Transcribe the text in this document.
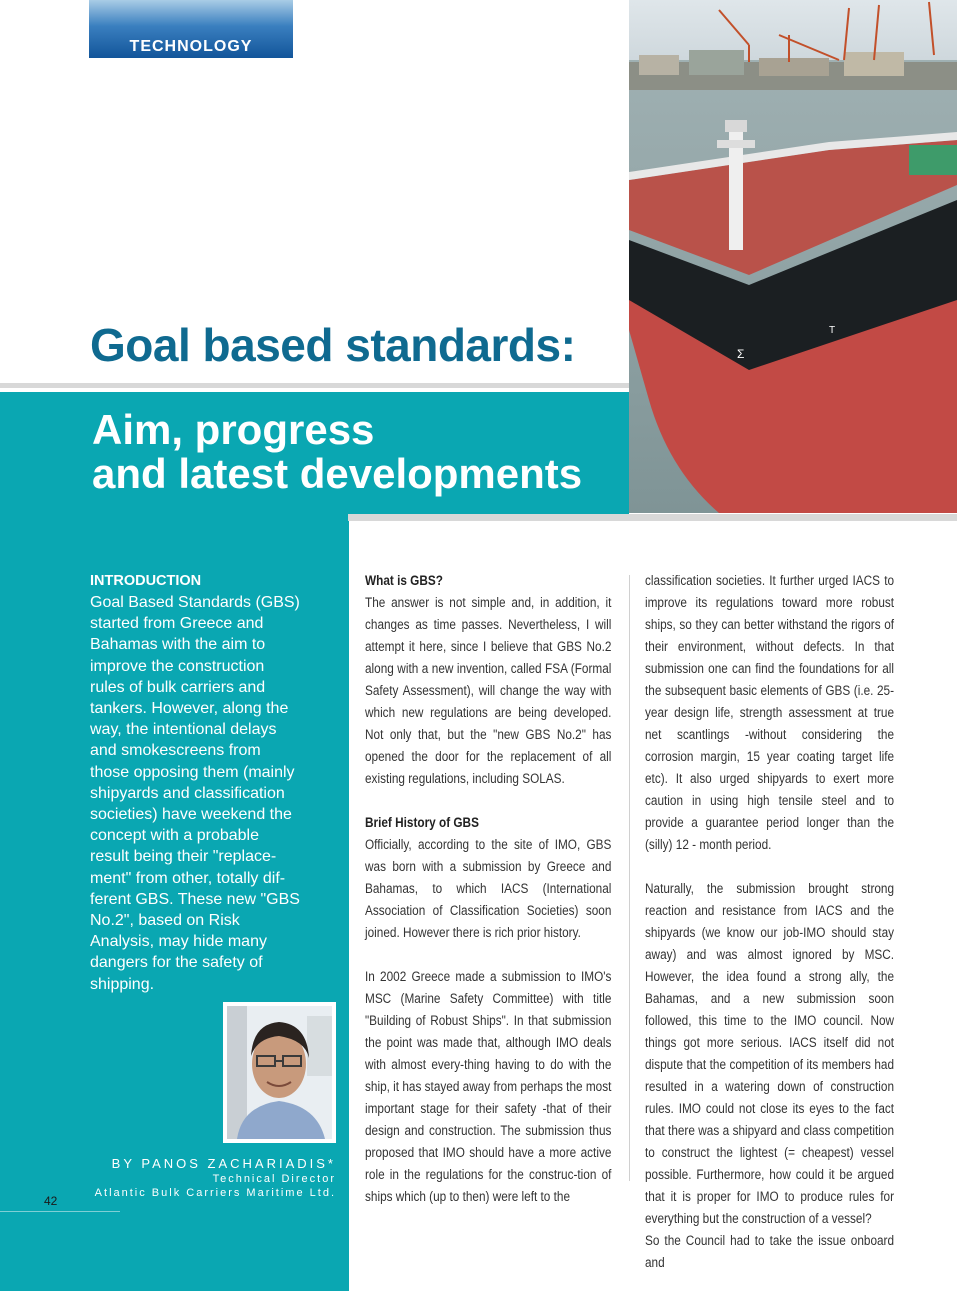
TECHNOLOGY
T
Σ
Goal based standards:
Aim, progress
and latest developments
INTRODUCTION

Goal Based Standards (GBS)
started from Greece and
Bahamas with the aim to
improve the construction
rules of bulk carriers and
tankers. However, along the
way, the intentional delays
and smokescreens from
those opposing them (mainly
shipyards and classification
societies) have weekend the
concept with a probable
result being their "replace-
ment" from other, totally dif-
ferent GBS. These new "GBS
No.2", based on Risk
Analysis, may hide many
dangers for the safety of
shipping.

BY PANOS ZACHARIADIS*
Technical Director
Atlantic Bulk Carriers Maritime Ltd.
42
What is GBS?

The answer is not simple and, in addition, it changes as time passes. Nevertheless, I will attempt it here, since I believe that GBS No.2 along with a new invention, called FSA (Formal Safety Assessment), will change the way with which new regulations are being developed. Not only that, but the "new GBS No.2" has opened the door for the replacement of all existing regulations, including SOLAS.

Brief History of GBS

Officially, according to the site of IMO, GBS was born with a submission by Greece and Bahamas, to which IACS (International Association of Classification Societies) soon joined. However there is rich prior history.

In 2002 Greece made a submission to IMO's MSC (Marine Safety Committee) with title "Building of Robust Ships". In that submission the point was made that, although IMO deals with almost every-thing having to do with the ship, it has stayed away from perhaps the most important stage for their safety -that of their design and construction. The submission thus proposed that IMO should have a more active role in the regulations for the construc-tion of ships which (up to then) were left to the

classification societies. It further urged IACS to improve its regulations toward more robust ships, so they can better withstand the rigors of their environment, without defects. In that submission one can find the foundations for all the subsequent basic elements of GBS (i.e. 25-year design life, strength assessment at true net scantlings -without considering the corrosion margin, 15 year coating target life etc). It also urged shipyards to exert more caution in using high tensile steel and to provide a guarantee period longer than the (silly) 12 - month period.

Naturally, the submission brought strong reaction and resistance from IACS and the shipyards (we know our job-IMO should stay away) and was almost ignored by MSC. However, the idea found a strong ally, the Bahamas, and a new submission soon followed, this time to the IMO council. Now things got more serious. IACS itself did not dispute that the competition of its members had resulted in a watering down of construction rules. IMO could not close its eyes to the fact that there was a shipyard and class competition to construct the lightest (= cheapest) vessel possible. Furthermore, how could it be argued that it is proper for IMO to produce rules for everything but the construction of a vessel?

So the Council had to take the issue onboard and
